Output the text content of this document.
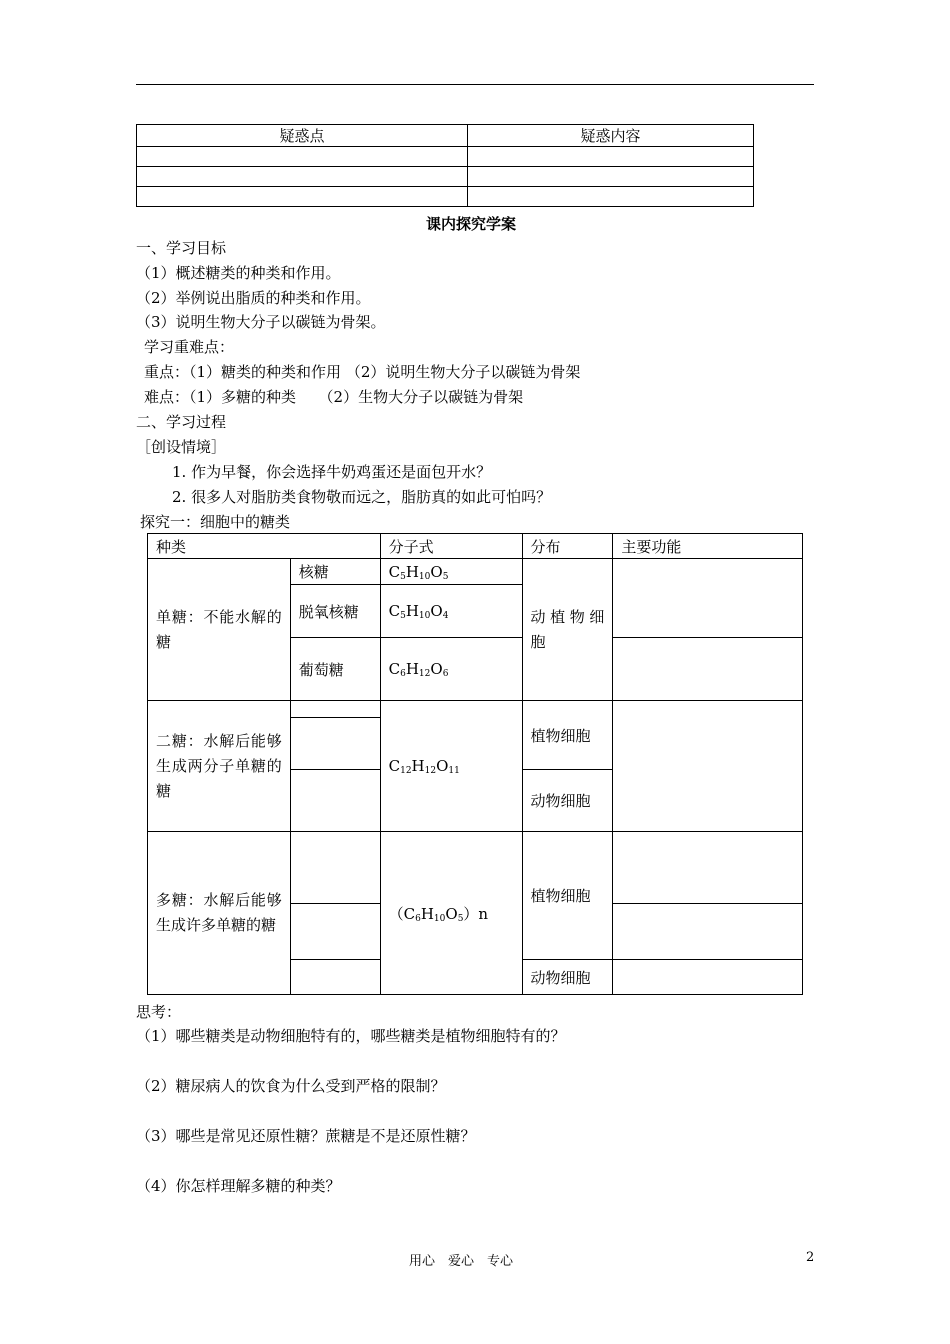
疑惑点	疑惑内容

课内探究学案
一、学习目标
（1）概述糖类的种类和作用。
（2）举例说出脂质的种类和作用。
（3）说明生物大分子以碳链为骨架。
学习重难点：
重点：（1）糖类的种类和作用 （2）说明生物大分子以碳链为骨架
难点：（1）多糖的种类　　（2）生物大分子以碳链为骨架
二、学习过程
［创设情境］
1. 作为早餐，你会选择牛奶鸡蛋还是面包开水？
2. 很多人对脂肪类食物敬而远之，脂肪真的如此可怕吗？
探究一：细胞中的糖类
种类		分子式	分布	主要功能

单糖：不能水解的糖	核糖	$C_5H_{10}O_5$	动植物细胞	

	脱氧核糖	$C_5H_{10}O_4$

	葡萄糖	$C_6H_{12}O_6$

二糖：水解后能够生成两分子单糖的糖		$C_{12}H_{12}O_{11}$	植物细胞	

			动物细胞	

多糖：水解后能够生成许多单糖的糖		$(C_6H_{10}O_5)n$	植物细胞	

			动物细胞	

思考：
（1）哪些糖类是动物细胞特有的，哪些糖类是植物细胞特有的？
（2）糖尿病人的饮食为什么受到严格的限制？
（3）哪些是常见还原性糖？蔗糖是不是还原性糖？
（4）你怎样理解多糖的种类？
用心　爱心　专心	2
